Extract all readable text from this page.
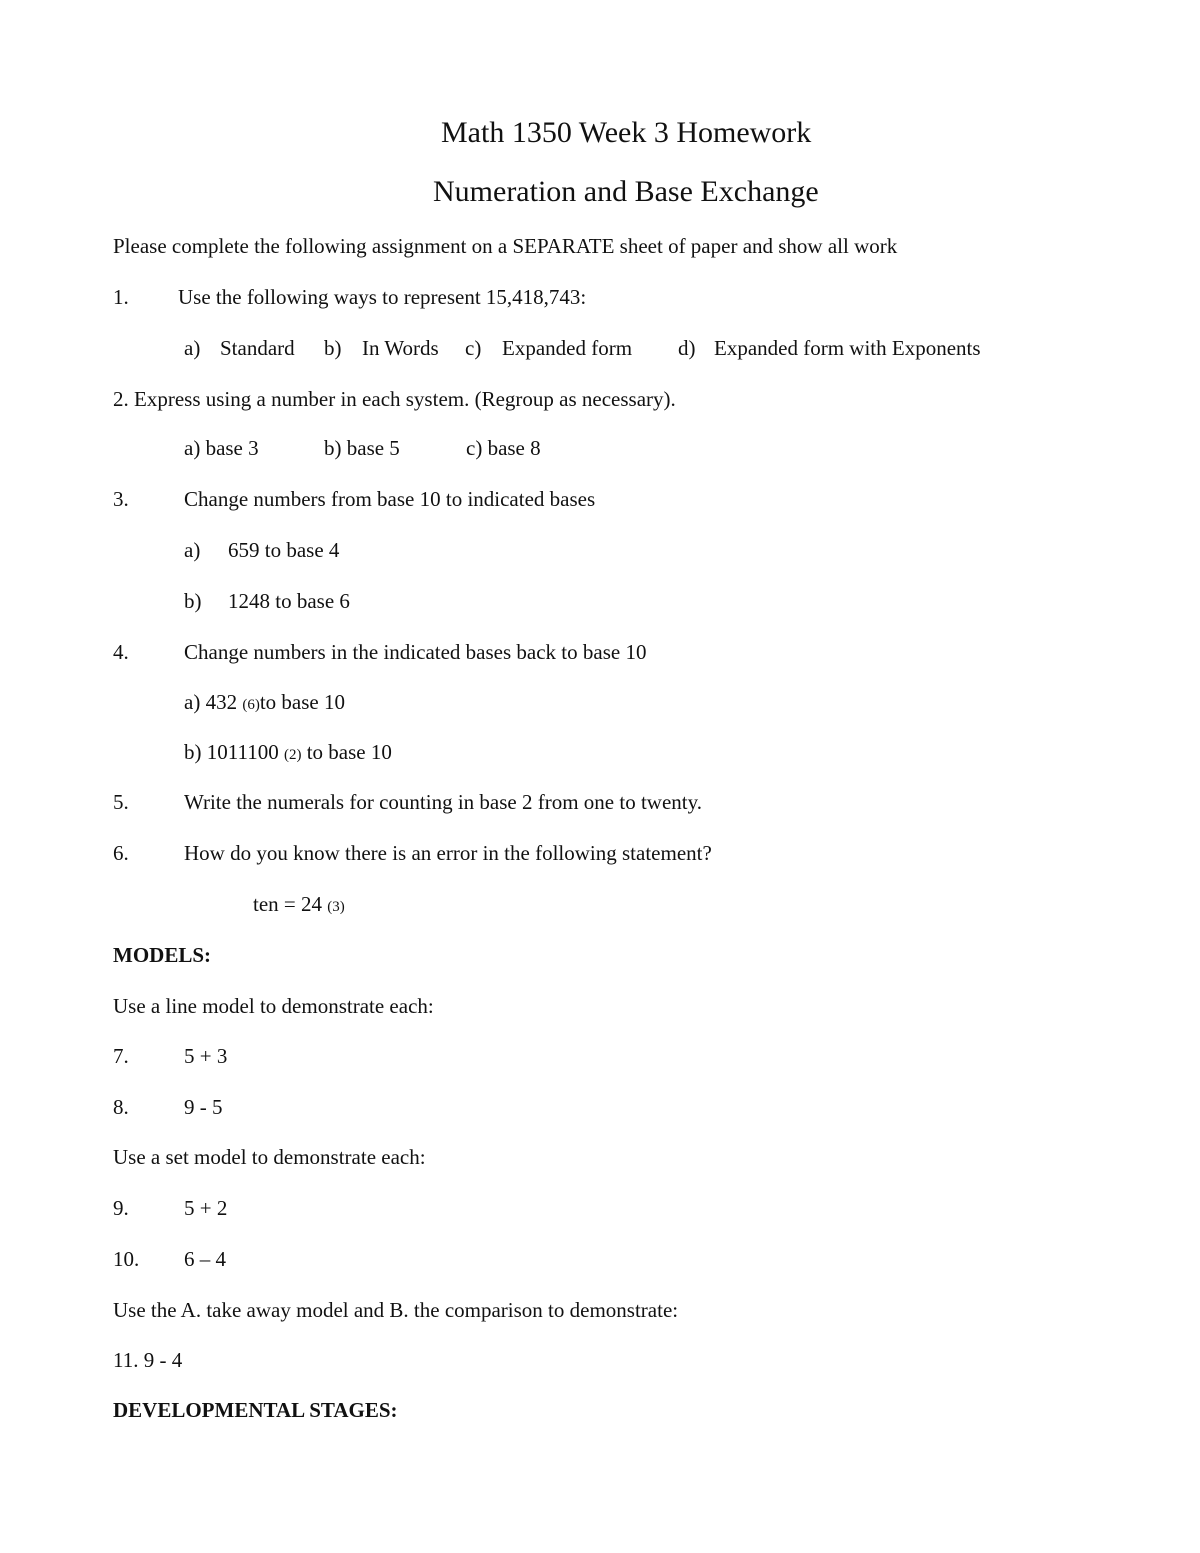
Math 1350 Week 3 Homework
Numeration and Base Exchange
Please complete the following assignment on a SEPARATE sheet of paper and show all work
1. Use the following ways to represent 15,418,743:
a) Standard b) In Words c) Expanded form d) Expanded form with Exponents
2. Express using a number in each system. (Regroup as necessary).
a) base 3	b) base 5	c) base 8
3.	Change numbers from base 10 to indicated bases
a) 659 to base 4
b) 1248 to base 6
4.	Change numbers in the indicated bases back to base 10
a) 432 (6)to base 10
b) 1011100 (2) to base 10
5.	Write the numerals for counting in base 2 from one to twenty.
6.	How do you know there is an error in the following statement?
ten = 24 (3)
MODELS:
Use a line model to demonstrate each:
7.	5 + 3
8.	9 - 5
Use a set model to demonstrate each:
9.	5 + 2
10. 6 – 4
Use the A. take away model and B. the comparison to demonstrate:
11. 9 - 4
DEVELOPMENTAL STAGES:
